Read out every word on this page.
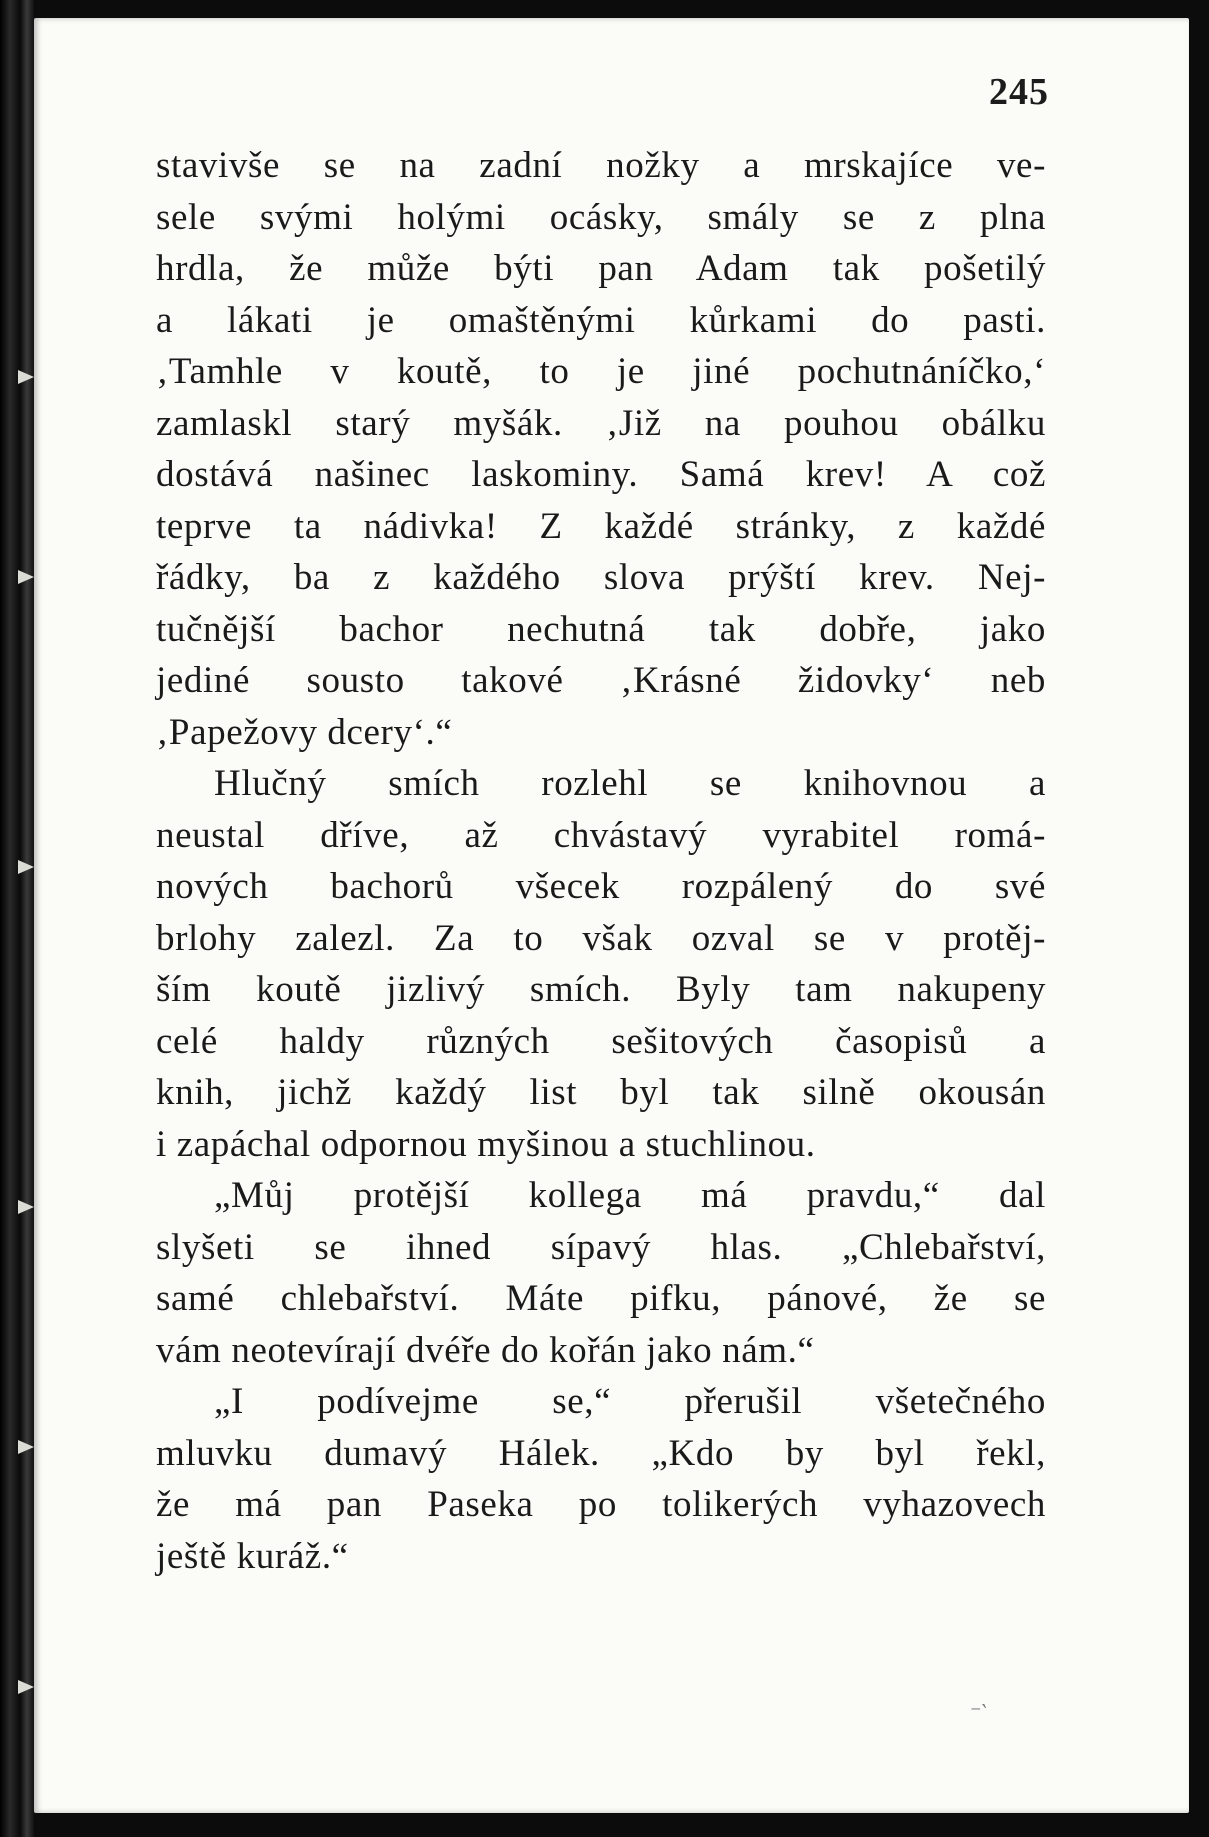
245
stavivše se na zadní nožky a mrskajíce ve-
sele svými holými ocásky, smály se z plna
hrdla, že může býti pan Adam tak pošetilý
a lákati je omaštěnými kůrkami do pasti.
‚Tamhle v koutě, to je jiné pochutnáníčko,‘
zamlaskl starý myšák. ‚Již na pouhou obálku
dostává našinec laskominy. Samá krev! A což
teprve ta nádivka! Z každé stránky, z každé
řádky, ba z každého slova prýští krev. Nej-
tučnější bachor nechutná tak dobře, jako
jediné sousto takové ‚Krásné židovky‘ neb
‚Papežovy dcery‘.“
Hlučný smích rozlehl se knihovnou a
neustal dříve, až chvástavý vyrabitel romá-
nových bachorů všecek rozpálený do své
brlohy zalezl. Za to však ozval se v protěj-
ším koutě jizlivý smích. Byly tam nakupeny
celé haldy různých sešitových časopisů a
knih, jichž každý list byl tak silně okousán
i zapáchal odpornou myšinou a stuchlinou.
„Můj protější kollega má pravdu,“ dal
slyšeti se ihned sípavý hlas. „Chlebařství,
samé chlebařství. Máte pifku, pánové, že se
vám neotevírají dvéře do kořán jako nám.“
„I podívejme se,“ přerušil všetečného
mluvku dumavý Hálek. „Kdo by byl řekl,
že má pan Paseka po tolikerých vyhazovech
ještě kuráž.“
⁻‵
